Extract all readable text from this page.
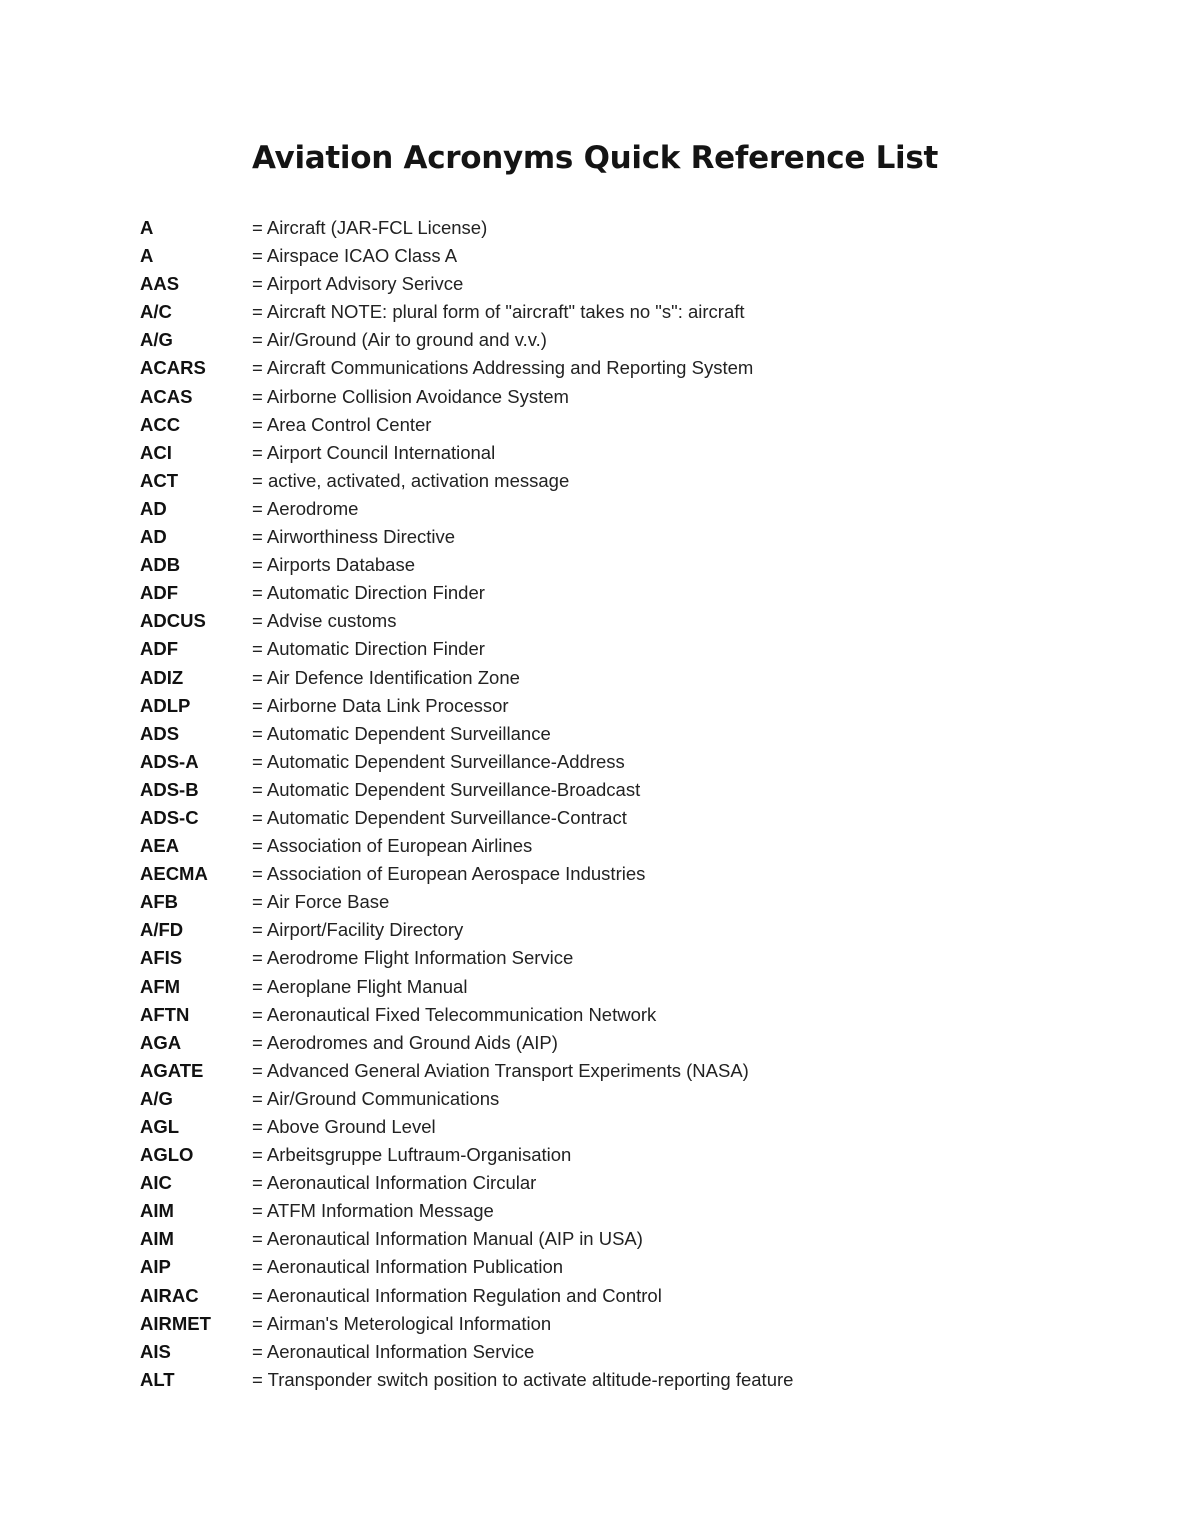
Aviation Acronyms Quick Reference List
A	= Aircraft (JAR-FCL License)
A	= Airspace ICAO Class A
AAS	= Airport Advisory Serivce
A/C	= Aircraft NOTE: plural form of "aircraft" takes no "s": aircraft
A/G	= Air/Ground (Air to ground and v.v.)
ACARS	= Aircraft Communications Addressing and Reporting System
ACAS	= Airborne Collision Avoidance System
ACC	= Area Control Center
ACI	= Airport Council International
ACT	= active, activated, activation message
AD	= Aerodrome
AD	= Airworthiness Directive
ADB	= Airports Database
ADF	= Automatic Direction Finder
ADCUS	= Advise customs
ADF	= Automatic Direction Finder
ADIZ	= Air Defence Identification Zone
ADLP	= Airborne Data Link Processor
ADS	= Automatic Dependent Surveillance
ADS-A	= Automatic Dependent Surveillance-Address
ADS-B	= Automatic Dependent Surveillance-Broadcast
ADS-C	= Automatic Dependent Surveillance-Contract
AEA	= Association of European Airlines
AECMA	= Association of European Aerospace Industries
AFB	= Air Force Base
A/FD	= Airport/Facility Directory
AFIS	= Aerodrome Flight Information Service
AFM	= Aeroplane Flight Manual
AFTN	= Aeronautical Fixed Telecommunication Network
AGA	= Aerodromes and Ground Aids (AIP)
AGATE	= Advanced General Aviation Transport Experiments (NASA)
A/G	= Air/Ground Communications
AGL	= Above Ground Level
AGLO	= Arbeitsgruppe Luftraum-Organisation
AIC	= Aeronautical Information Circular
AIM	= ATFM Information Message
AIM	= Aeronautical Information Manual (AIP in USA)
AIP	= Aeronautical Information Publication
AIRAC	= Aeronautical Information Regulation and Control
AIRMET	= Airman's Meterological Information
AIS	= Aeronautical Information Service
ALT	= Transponder switch position to activate altitude-reporting feature
